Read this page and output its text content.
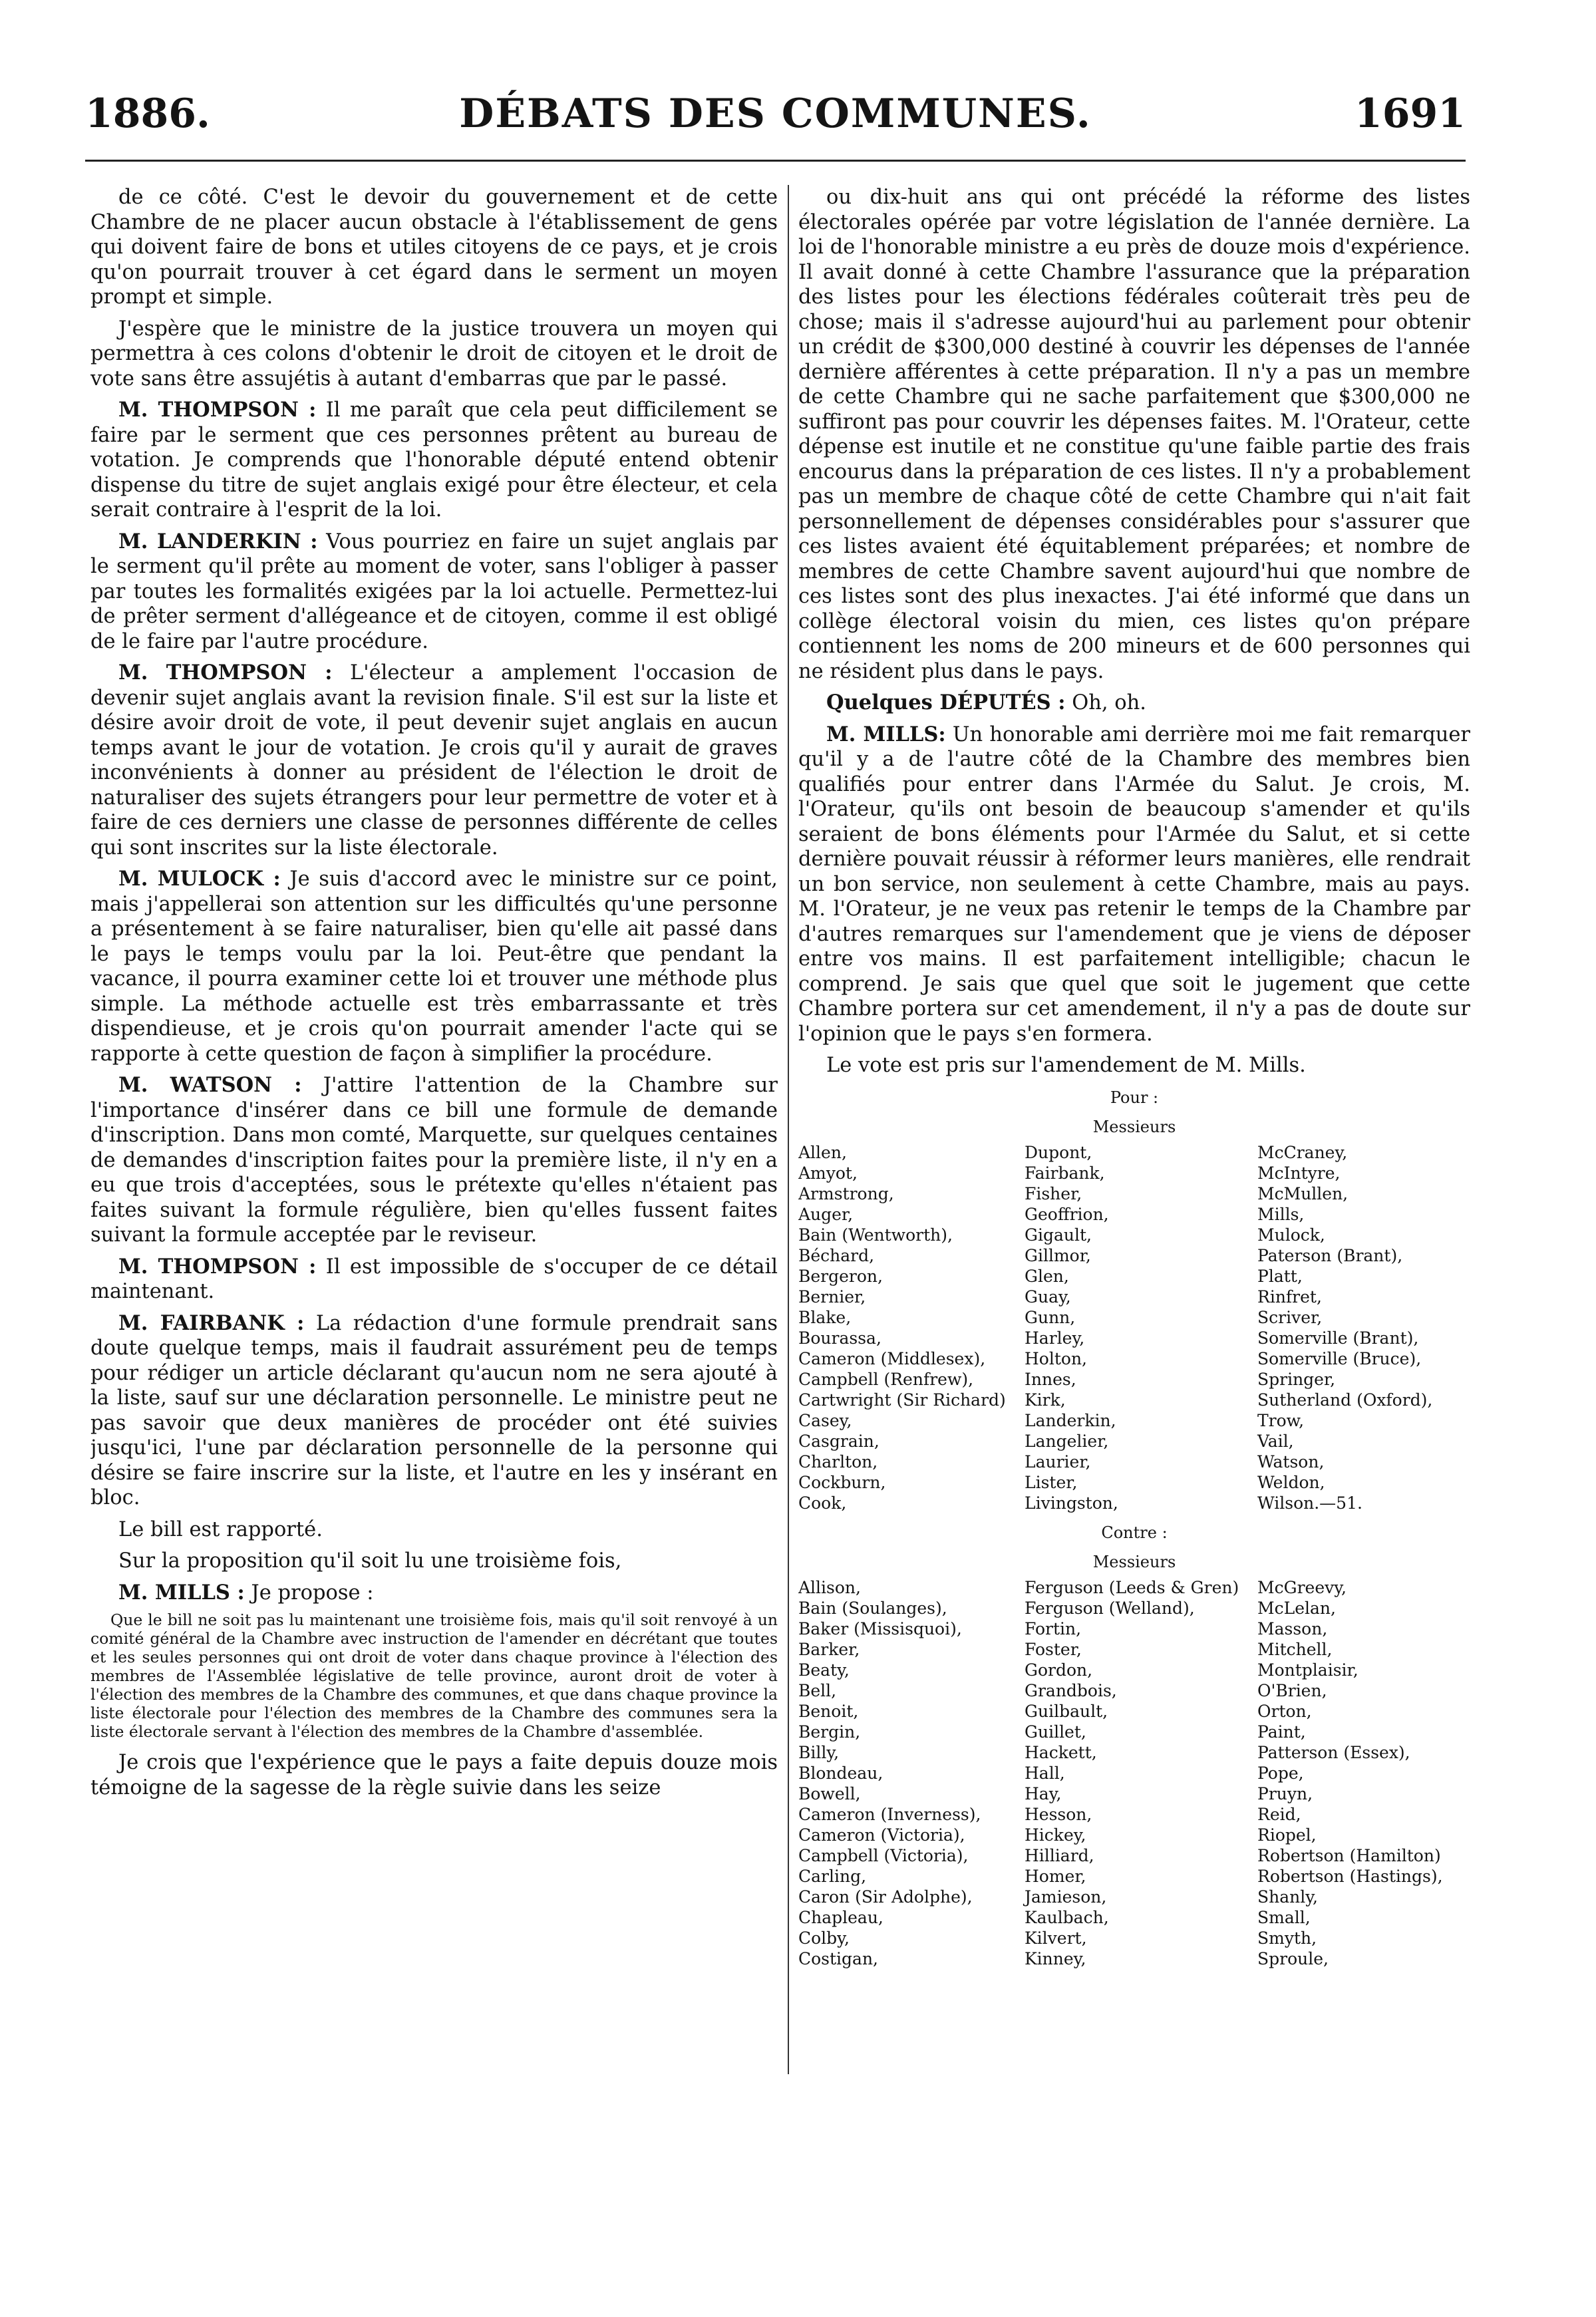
1886.	DÉBATS DES COMMUNES.	1691

de ce côté. C'est le devoir du gouvernement et de cette Chambre de ne placer aucun obstacle à l'établissement de gens qui doivent faire de bons et utiles citoyens de ce pays, et je crois qu'on pourrait trouver à cet égard dans le serment un moyen prompt et simple.

J'espère que le ministre de la justice trouvera un moyen qui permettra à ces colons d'obtenir le droit de citoyen et le droit de vote sans être assujétis à autant d'embarras que par le passé.

M. THOMPSON : Il me paraît que cela peut difficilement se faire par le serment que ces personnes prêtent au bureau de votation. Je comprends que l'honorable député entend obtenir dispense du titre de sujet anglais exigé pour être électeur, et cela serait contraire à l'esprit de la loi.

M. LANDERKIN : Vous pourriez en faire un sujet anglais par le serment qu'il prête au moment de voter, sans l'obliger à passer par toutes les formalités exigées par la loi actuelle. Permettez-lui de prêter serment d'allégeance et de citoyen, comme il est obligé de le faire par l'autre procédure.

M. THOMPSON : L'électeur a amplement l'occasion de devenir sujet anglais avant la revision finale. S'il est sur la liste et désire avoir droit de vote, il peut devenir sujet anglais en aucun temps avant le jour de votation. Je crois qu'il y aurait de graves inconvénients à donner au président de l'élection le droit de naturaliser des sujets étrangers pour leur permettre de voter et à faire de ces derniers une classe de personnes différente de celles qui sont inscrites sur la liste électorale.

M. MULOCK : Je suis d'accord avec le ministre sur ce point, mais j'appellerai son attention sur les difficultés qu'une personne a présentement à se faire naturaliser, bien qu'elle ait passé dans le pays le temps voulu par la loi. Peut-être que pendant la vacance, il pourra examiner cette loi et trouver une méthode plus simple. La méthode actuelle est très embarrassante et très dispendieuse, et je crois qu'on pourrait amender l'acte qui se rapporte à cette question de façon à simplifier la procédure.

M. WATSON : J'attire l'attention de la Chambre sur l'importance d'insérer dans ce bill une formule de demande d'inscription. Dans mon comté, Marquette, sur quelques centaines de demandes d'inscription faites pour la première liste, il n'y en a eu que trois d'acceptées, sous le prétexte qu'elles n'étaient pas faites suivant la formule régulière, bien qu'elles fussent faites suivant la formule acceptée par le reviseur.

M. THOMPSON : Il est impossible de s'occuper de ce détail maintenant.

M. FAIRBANK : La rédaction d'une formule prendrait sans doute quelque temps, mais il faudrait assurément peu de temps pour rédiger un article déclarant qu'aucun nom ne sera ajouté à la liste, sauf sur une déclaration personnelle. Le ministre peut ne pas savoir que deux manières de procéder ont été suivies jusqu'ici, l'une par déclaration personnelle de la personne qui désire se faire inscrire sur la liste, et l'autre en les y insérant en bloc.

Le bill est rapporté.

Sur la proposition qu'il soit lu une troisième fois,

M. MILLS : Je propose :

Que le bill ne soit pas lu maintenant une troisième fois, mais qu'il soit renvoyé à un comité général de la Chambre avec instruction de l'amender en décrétant que toutes et les seules personnes qui ont droit de voter dans chaque province à l'élection des membres de l'Assemblée législative de telle province, auront droit de voter à l'élection des membres de la Chambre des communes, et que dans chaque province la liste électorale pour l'élection des membres de la Chambre des communes sera la liste électorale servant à l'élection des membres de la Chambre d'assemblée.

Je crois que l'expérience que le pays a faite depuis douze mois témoigne de la sagesse de la règle suivie dans les seize

ou dix-huit ans qui ont précédé la réforme des listes électorales opérée par votre législation de l'année dernière. La loi de l'honorable ministre a eu près de douze mois d'expérience. Il avait donné à cette Chambre l'assurance que la préparation des listes pour les élections fédérales coûterait très peu de chose; mais il s'adresse aujourd'hui au parlement pour obtenir un crédit de $300,000 destiné à couvrir les dépenses de l'année dernière afférentes à cette préparation. Il n'y a pas un membre de cette Chambre qui ne sache parfaitement que $300,000 ne suffiront pas pour couvrir les dépenses faites. M. l'Orateur, cette dépense est inutile et ne constitue qu'une faible partie des frais encourus dans la préparation de ces listes. Il n'y a probablement pas un membre de chaque côté de cette Chambre qui n'ait fait personnellement de dépenses considérables pour s'assurer que ces listes avaient été équitablement préparées; et nombre de membres de cette Chambre savent aujourd'hui que nombre de ces listes sont des plus inexactes. J'ai été informé que dans un collège électoral voisin du mien, ces listes qu'on prépare contiennent les noms de 200 mineurs et de 600 personnes qui ne résident plus dans le pays.

Quelques DÉPUTÉS : Oh, oh.

M. MILLS: Un honorable ami derrière moi me fait remarquer qu'il y a de l'autre côté de la Chambre des membres bien qualifiés pour entrer dans l'Armée du Salut. Je crois, M. l'Orateur, qu'ils ont besoin de beaucoup s'amender et qu'ils seraient de bons éléments pour l'Armée du Salut, et si cette dernière pouvait réussir à réformer leurs manières, elle rendrait un bon service, non seulement à cette Chambre, mais au pays. M. l'Orateur, je ne veux pas retenir le temps de la Chambre par d'autres remarques sur l'amendement que je viens de déposer entre vos mains. Il est parfaitement intelligible; chacun le comprend. Je sais que quel que soit le jugement que cette Chambre portera sur cet amendement, il n'y a pas de doute sur l'opinion que le pays s'en formera.

Le vote est pris sur l'amendement de M. Mills.

Pour :
Messieurs
Allen,	Dupont,	McCraney,
Amyot,	Fairbank,	McIntyre,
Armstrong,	Fisher,	McMullen,
Auger,	Geoffrion,	Mills,
Bain (Wentworth),	Gigault,	Mulock,
Béchard,	Gillmor,	Paterson (Brant),
Bergeron,	Glen,	Platt,
Bernier,	Guay,	Rinfret,
Blake,	Gunn,	Scriver,
Bourassa,	Harley,	Somerville (Brant),
Cameron (Middlesex),	Holton,	Somerville (Bruce),
Campbell (Renfrew),	Innes,	Springer,
Cartwright (Sir Richard)	Kirk,	Sutherland (Oxford),
Casey,	Landerkin,	Trow,
Casgrain,	Langelier,	Vail,
Charlton,	Laurier,	Watson,
Cockburn,	Lister,	Weldon,
Cook,	Livingston,	Wilson.—51.
Contre :
Messieurs
Allison,	Ferguson (Leeds & Gren)	McGreevy,
Bain (Soulanges),	Ferguson (Welland),	McLelan,
Baker (Missisquoi),	Fortin,	Masson,
Barker,	Foster,	Mitchell,
Beaty,	Gordon,	Montplaisir,
Bell,	Grandbois,	O'Brien,
Benoit,	Guilbault,	Orton,
Bergin,	Guillet,	Paint,
Billy,	Hackett,	Patterson (Essex),
Blondeau,	Hall,	Pope,
Bowell,	Hay,	Pruyn,
Cameron (Inverness),	Hesson,	Reid,
Cameron (Victoria),	Hickey,	Riopel,
Campbell (Victoria),	Hilliard,	Robertson (Hamilton)
Carling,	Homer,	Robertson (Hastings),
Caron (Sir Adolphe),	Jamieson,	Shanly,
Chapleau,	Kaulbach,	Small,
Colby,	Kilvert,	Smyth,
Costigan,	Kinney,	Sproule,
